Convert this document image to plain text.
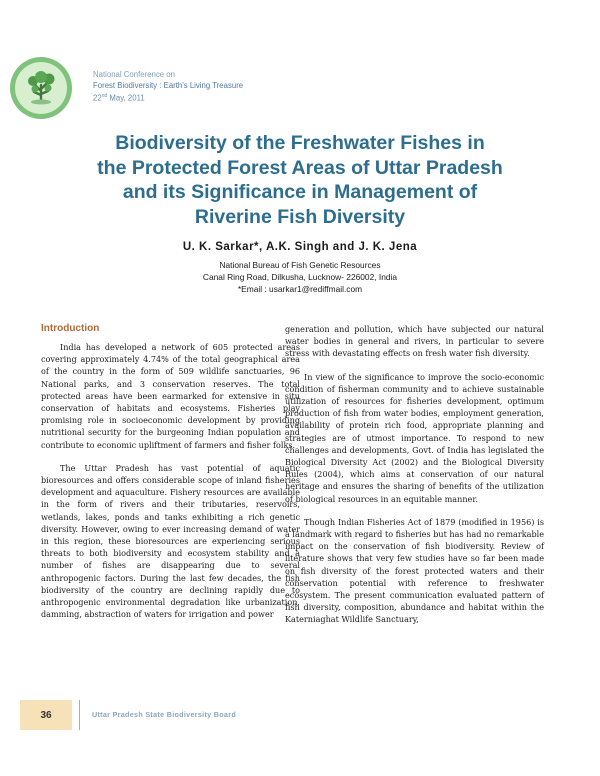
National Conference on
Forest Biodiversity : Earth's Living Treasure
22nd May, 2011
Biodiversity of the Freshwater Fishes in
the Protected Forest Areas of Uttar Pradesh
and its Significance in Management of
Riverine Fish Diversity
U. K. Sarkar*, A.K. Singh and J. K. Jena
National Bureau of Fish Genetic Resources
Canal Ring Road, Dilkusha, Lucknow- 226002, India
*Email : usarkar1@rediffmail.com
Introduction

India has developed a network of 605 protected areas covering approximately 4.74% of the total geographical area of the country in the form of 509 wildlife sanctuaries, 96 National parks, and 3 conservation reserves. The total protected areas have been earmarked for extensive in situ conservation of habitats and ecosystems. Fisheries play promising role in socioeconomic development by providing nutritional security for the burgeoning Indian population and contribute to economic upliftment of farmers and fisher folks.

The Uttar Pradesh has vast potential of aquatic bioresources and offers considerable scope of inland fisheries development and aquaculture. Fishery resources are available in the form of rivers and their tributaries, reservoirs, wetlands, lakes, ponds and tanks exhibiting a rich genetic diversity. However, owing to ever increasing demand of water in this region, these bioresources are experiencing serious threats to both biodiversity and ecosystem stability and a number of fishes are disappearing due to several anthropogenic factors. During the last few decades, the fish biodiversity of the country are declining rapidly due to anthropogenic environmental degradation like urbanization, damming, abstraction of waters for irrigation and power

generation and pollution, which have subjected our natural water bodies in general and rivers, in particular to severe stress with devastating effects on fresh water fish diversity.

In view of the significance to improve the socio-economic condition of fisherman community and to achieve sustainable utilization of resources for fisheries development, optimum production of fish from water bodies, employment generation, availability of protein rich food, appropriate planning and strategies are of utmost importance. To respond to new challenges and developments, Govt. of India has legislated the Biological Diversity Act (2002) and the Biological Diversity Rules (2004), which aims at conservation of our natural heritage and ensures the sharing of benefits of the utilization of biological resources in an equitable manner.

Though Indian Fisheries Act of 1879 (modified in 1956) is a landmark with regard to fisheries but has had no remarkable impact on the conservation of fish biodiversity. Review of literature shows that very few studies have so far been made on fish diversity of the forest protected waters and their conservation potential with reference to freshwater ecosystem. The present communication evaluated pattern of fish diversity, composition, abundance and habitat within the Katerniaghat Wildlife Sanctuary,

36	Uttar Pradesh State Biodiversity Board
